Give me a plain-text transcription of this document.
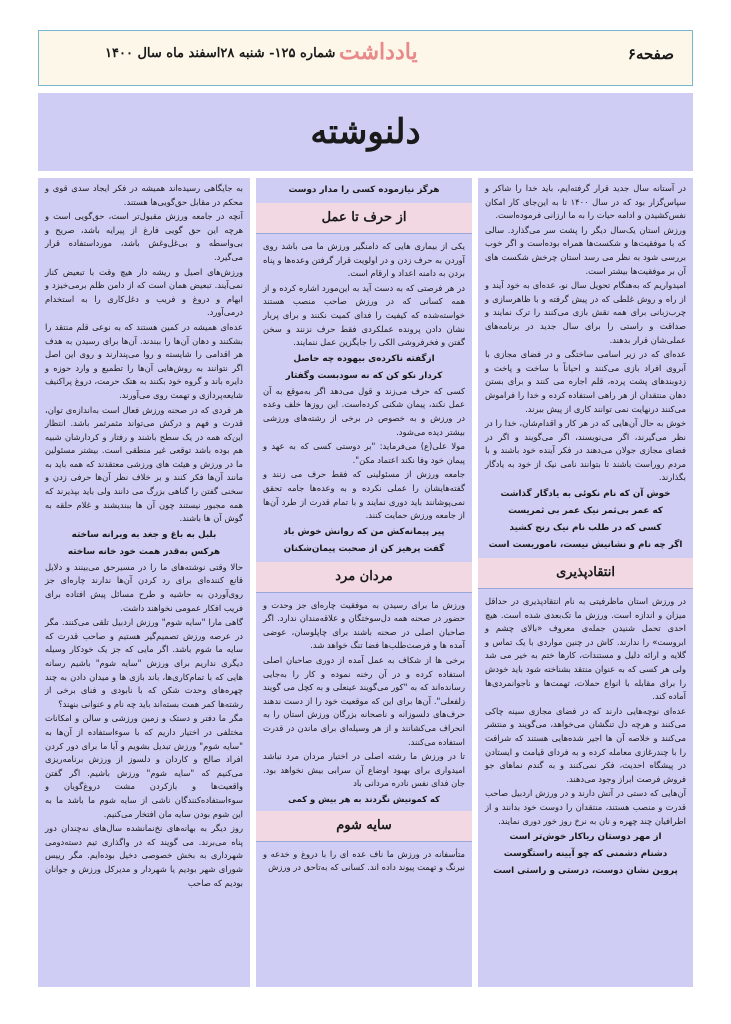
صفحه۶
یادداشت
شماره ۱۲۵- شنبه ۲۸اسفند ماه سال ۱۴۰۰
دلنوشته

در آستانه سال جدید قرار گرفته‌ایم، باید خدا را شاکر و سپاس‌گزار بود که در سال ۱۴۰۰ تا به این‌جای کار امکان نفس‌کشیدن و ادامه حیات را به ما ارزانی فرموده‌است.

ورزش استان یک‌سال دیگر را پشت سر می‌گذارد. سالی که با موفقیت‌ها و شکست‌ها همراه بوده‌است و اگر خوب بررسی شود به نظر می رسد استان چرخش شکست های آن بر موفقیت‌ها بیشتر است.

امیدواریم که به‌هنگام تحویل سال نو، عده‌ای به خود آیند و از راه و روش غلطی که در پیش گرفته و با ظاهرسازی و چرب‌زبانی برای همه نقش بازی می‌کنند را ترک نمایند و صداقت و راستی را برای سال جدید در برنامه‌های عملی‌شان قرار بدهند.

عده‌ای که در زیر اسامی ساختگی و در فضای مجازی با آبروی افراد بازی می‌کنند و احیاناً با ساخت و پاخت و زدوبندهای پشت پرده، قلم اجاره می کنند و برای بستن دهان منتقدان از هر راهی استفاده کرده و خدا را فراموش می‌کنند درنهایت نمی توانند کاری از پیش ببرند.

خوش به حال آن‌هایی که در هر کار و اقدام‌شان، خدا را در نظر می‌گیرند، اگر می‌نویسند، اگر می‌گویند و اگر در فضای مجازی جولان می‌دهند در فکر آینده خود باشند و با مردم روراست باشند تا بتوانند نامی نیک از خود به یادگار بگذارند.

خوش آن که نام نکوئی به یادگار گذاشت

که عمر بی‌ثمر نیک عمر بی ثمریست

کسی که در طلب نام نیک رنج کشید

اگر چه نام و نشانیش نیست، ناموریست است

انتقادپذیری

در ورزش استان ماظرفیتی به نام انتقادپذیری در حداقل میزان و اندازه است. ورزش ما تک‌بعدی شده است. هیچ احدی تحمل شنیدن جمله‌ی معروف «بالای چشم و ابروست» را ندارند. کاش در چنین مواردی با یک تماس و گلایه و ارائه دلیل و مستندات، کارها ختم به خیر می شد ولی هر کسی که به عنوان منتقد بشناخته شود باید خودش را برای مقابله با انواع حملات، تهمت‌ها و ناجوانمردی‌ها آماده کند.

عده‌ای نوچه‌هایی دارند که در فضای مجازی سینه چاکی می‌کنند و هرچه دل تنگشان می‌خواهد، می‌گویند و منتشر می‌کنند و خلاصه آن ها اجیر شده‌هایی هستند که شرافت را با چندرغازی معامله کرده و به فردای قیامت و ایستادن در پیشگاه احدیت، فکر نمی‌کنند و به گندم نماهای جو فروش فرصت ابراز وجود می‌دهند.

آن‌هایی که دستی در آتش دارند و در ورزش اردبیل صاحب قدرت و منصب هستند، منتقدان را دوست خود بدانند و از اطرافیان چند چهره و نان به نرخ روز خور دوری نمایند.

از مهر دوستان ریاکار خوش‌تر است

دشنام دشمنی که چو آیینه راستگوست

پروین نشان دوست، درستی و راستی است

هرگز نیازموده کسی را مدار دوست

از حرف تا عمل

یکی از بیماری هایی که دامنگیر ورزش ما می باشد روی آوردن به حرف زدن و در اولویت قرار گرفتن وعده‌ها و پناه بردن به دامنه اعداد و ارقام است.

در هر فرصتی که به دست آید به این‌مورد اشاره کرده و از همه کسانی که در ورزش صاحب منصب هستند خواسته‌شده که کیفیت را فدای کمیت نکنند و برای پربار نشان دادن پرونده عملکردی فقط حرف نزنند و سخن گفتن و فخرفروشی الکی را جایگزین عمل ننمایند.

ازگفته ناکرده‌ی بیهوده چه حاصل

کردار نکو کن که نه سودبست وگفتار

کسی که حرف می‌زند و قول می‌دهد اگر به‌موقع به آن عمل نکند، پیمان شکنی کرده‌است. این روزها خلف وعده در ورزش و به خصوص در برخی از رشته‌های ورزشی بیشتر دیده می‌شود.

مولا علی(ع) می‌فرماید: "بر دوستی کسی که به عهد و پیمان خود وفا نکند اعتماد مکن".

جامعه ورزش از مسئولینی که فقط حرف می زنند و گفته‌هایشان را عملی نکرده و به وعده‌ها جامه تحقق نمی‌پوشانند باید دوری نمایند و با تمام قدرت از طرد آن‌ها از جامعه ورزش حمایت کنند.

پیر پیمانه‌کش من که روانش خوش باد

گفت پرهیز کن از صحبت پیمان‌شکنان

مردان مرد

ورزش ما برای رسیدن به موفقیت چاره‌ای جز وحدت و حضور در صحنه همه دل‌سوختگان و علاقه‌مندان ندارد. اگر صاحبان اصلی در صحنه باشند برای چاپلوسان، عوضی آمده ها و فرصت‌طلب‌ها فضا تنگ خواهد شد.

برخی ها از شکاف به عمل آمده از دوری صاحبان اصلی استفاده کرده و در آن رخنه نموده و کار را به‌جایی رسانده‌اند که به "کور می‌گویند عینعلی و به کچل می گویند زلفعلی". آن‌ها برای این که موقعیت خود را از دست ندهند حرف‌های دلسوزانه و ناصحانه بزرگان ورزش استان را به انحراف می‌کشانند و از هر وسیله‌ای برای ماندن در قدرت استفاده می‌کنند.

تا در ورزش ما رشته اصلی در اختیار مردان مرد نباشد امیدواری برای بهبود اوضاع آن سرابی بیش نخواهد بود. جان فدای نفس نادره مردانی باد

که کمونیش نگردند به هر بیش و کمی

سایه شوم

متأسفانه در ورزش ما ناف عده ای را با دروغ و خدعه و نیرنگ و تهمت پیوند داده اند. کسانی که به‌تا‌حق در ورزش

به جایگاهی رسیده‌اند همیشه در فکر ایجاد سدی قوی و محکم در مقابل حق‌گویی‌ها هستند.

آنچه در جامعه ورزش مقبول‌تر است، حق‌گویی است و هرچه این حق گویی فارغ از پیرایه باشد، صریح و بی‌واسطه و بی‌غل‌وغش باشد، مورداستفاده قرار می‌گیرد.

ورزش‌های اصیل و ریشه دار هیچ وقت با تبعیض کنار نمی‌آیند. تبعیض همان است که از دامن ظلم برمی‌خیزد و ابهام و دروغ و فریب و دغل‌کاری را به استخدام درمی‌آورد.

عده‌ای همیشه در کمین هستند که به نوعی قلم منتقد را بشکنند و دهان آن‌ها را ببندند. آن‌ها برای رسیدن به هدف هر اقدامی را شایسته و روا می‌پندارند و روی این اصل اگر نتوانند به روش‌هایی آن‌ها را تطمیع و وارد حوزه و دایره باند و گروه خود بکنند به هتک حرمت، دروغ پراکنیف شایعه‌پردازی و تهمت روی می‌آورند.

هر فردی که در صحنه ورزش فعال است به‌اندازه‌ی توان، قدرت و فهم و درکش می‌تواند مثمرثمر باشد. انتظار این‌که همه در یک سطح باشند و رفتار و کردارشان شبیه هم بوده باشد توقعی غیر منطقی است. بیشتر مسئولین ما در ورزش و هیئت های ورزشی معتقدند که همه باید به مانند آن‌ها فکر کنند و بر خلاف نظر آن‌ها حرفی زدن و سخنی گفتن را گناهی بزرگ می دانند ولی باید بپذیرند که همه مجبور نیستند چون آن ها ببندیشند و غلام حلقه به گوش آن ها باشند.

بلبل به باغ و جغد به ویرانه ساخته

هرکس به‌قدر همت خود خانه ساخته

حالا وقتی نوشته‌های ما را در مسیرحق می‌بینند و دلایل قانع کننده‌ای برای رد کردن آن‌ها ندارند چاره‌ای جز روی‌آوردن به حاشیه و طرح مسائل پیش افتاده برای فریب افکار عمومی نخواهند داشت.

گاهی مارا "سایه شوم" ورزش اردبیل تلقی می‌کنند. مگر در عرصه ورزش تصمیم‌گیر هستیم و صاحب قدرت که سایه ما شوم باشد. اگر مایی که جز یک خودکار وسیله دیگری نداریم برای ورزش "سایه شوم" باشیم رسانه هایی که با تمام‌کاری‌ها، باند بازی ها و میدان دادن به چند چهره‌های وحدت شکن که با نابودی و فنای برخی از رشته‌ها کمر همت بسته‌اند باید چه نام و عنوانی بنهند؟

مگر ما دفتر و دستک و زمین ورزشی و سالن و امکانات مختلفی در اختیار داریم که با سوءاستفاده از آن‌ها به "سایه شوم" ورزش تبدیل بشویم و آیا ما برای دور کردن افراد صالح و کاردان و دلسوز از ورزش برنامه‌ریزی می‌کنیم که "سایه شوم" ورزش باشیم. اگر گفتن واقعیت‌ها و بازکردن مشت دروغ‌گویان و سوءاستفاده‌کنندگان ناشی از سایه شوم ما باشد ما به این شوم بودن سایه مان افتخار می‌کنیم.

روز دیگر به بهانه‌های نخ‌نمانشده سال‌های نه‌چندان دور پناه می‌برند. می گویند که در واگذاری تیم دسته‌دومی شهرداری به بخش خصوصی دخیل بوده‌ایم. مگر رییس شورای شهر بودیم یا شهردار و مدیرکل ورزش و جوانان بودیم که صاحب
